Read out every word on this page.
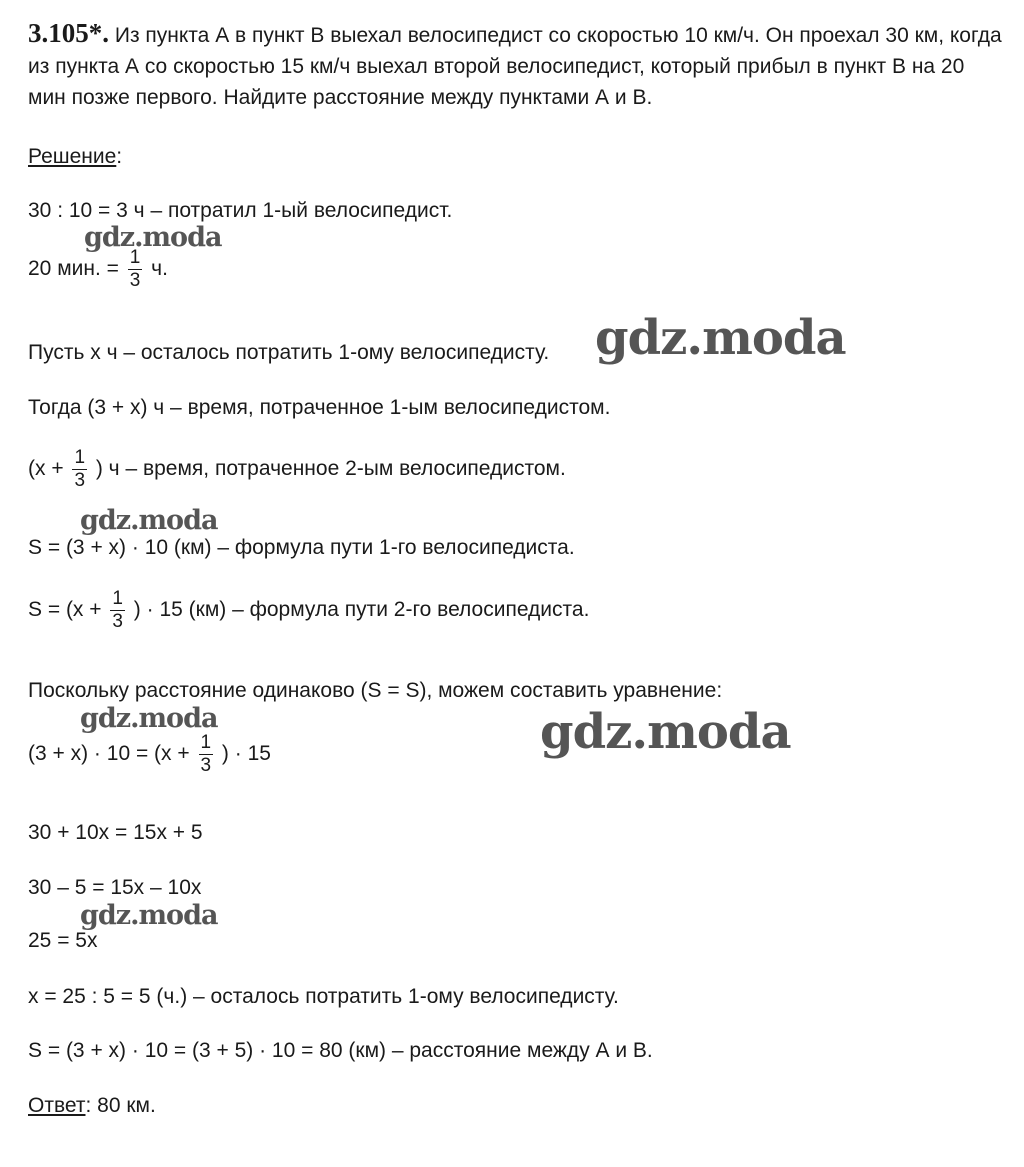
3.105*. Из пункта А в пункт В выехал велосипедист со скоростью 10 км/ч. Он проехал 30 км, когда из пункта А со скоростью 15 км/ч выехал второй велосипедист, который прибыл в пункт В на 20 мин позже первого. Найдите расстояние между пунктами А и В.
Решение:
30 : 10 = 3 ч – потратил 1-ый велосипедист.
20 мин. = $\frac{1}{3} ч$.
Пусть х ч – осталось потратить 1-ому велосипедисту.
Тогда (3 + х) ч – время, потраченное 1-ым велосипедистом.
($х + \frac{1}{3}$ ) ч – время, потраченное 2-ым велосипедистом.
S = (3 + х) · 10 (км) – формула пути 1-го велосипедиста.
$S = (х + \frac{1}{3}$ ) · 15 (км) – формула пути 2-го велосипедиста.
Поскольку расстояние одинаково (S = S), можем составить уравнение:
$(3 + х) \cdot 10 = (х + \frac{1}{3}$ ) · 15
30 + 10х = 15х + 5
30 – 5 = 15х – 10х
25 = 5х
х = 25 : 5 = 5 (ч.) – осталось потратить 1-ому велосипедисту.
S = (3 + х) · 10 = (3 + 5) · 10 = 80 (км) – расстояние между А и В.
Ответ: 80 км.
gdz.moda
gdz.moda
gdz.moda
gdz.moda	gdz.moda
gdz.moda
